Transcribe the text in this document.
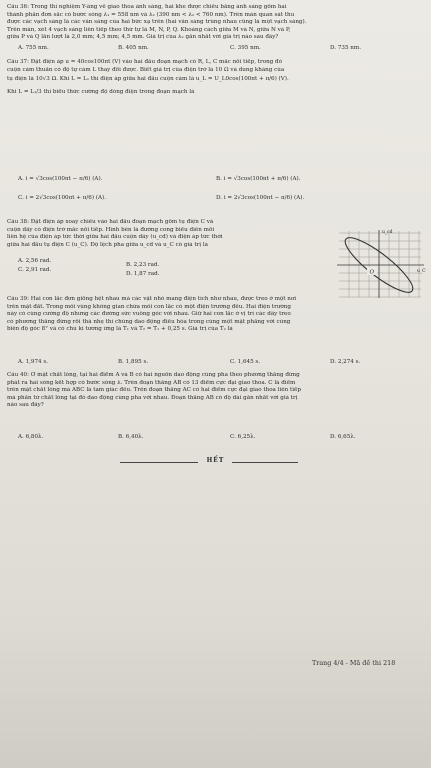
Câu 36: Trong thí nghiệm Y-âng về giao thoa ánh sáng, hai khe được chiếu bằng ánh sáng gồm hai
thành phần đơn sắc có bước sóng λ₁ = 558 nm và λ₂ (390 nm < λ₂ < 760 nm). Trên màn quan sát thu
được các vạch sáng là các vân sáng của hai bức xạ trên (hai vân sáng trùng nhau cũng là một vạch sáng).
Trên màn, xét 4 vạch sáng liên tiếp theo thứ tự là M, N, P, Q. Khoảng cách giữa M và N, giữa N và P,
giữa P và Q lần lượt là 2,0 mm; 4,5 mm; 4,5 mm. Giá trị của λ₂ gần nhất với giá trị nào sau đây?
A. 755 nm.	B. 405 nm.	C. 395 nm.	D. 735 nm.
Câu 37: Đặt điện áp u = 40cos100πt (V) vào hai đầu đoạn mạch có R, L, C mắc nối tiếp, trong đó
cuộn cảm thuần có độ tự cảm L thay đổi được. Biết giá trị của điện trở là 10 Ω và dung kháng của
tụ điện là 10√3 Ω. Khi L = L₁ thì điện áp giữa hai đầu cuộn cảm là u_L = U_L0cos(100πt + π/6) (V).
Khi L = L₁/3 thì biểu thức cường độ dòng điện trong đoạn mạch là
A. i = √3cos(100πt − π/6) (A).	B. i = √3cos(100πt + π/6) (A).
C. i = 2√3cos(100πt + π/6) (A).	D. i = 2√3cos(100πt − π/6) (A).
Câu 38: Đặt điện áp xoay chiều vào hai đầu đoạn mạch gồm tụ điện C và
cuộn dây có điện trở mắc nối tiếp. Hình bên là đường cong biểu diễn mối
liên hệ của điện áp tức thời giữa hai đầu cuộn dây (u_cd) và điện áp tức thời
giữa hai đầu tụ điện C (u_C). Độ lệch pha giữa u_cd và u_C có giá trị là
A. 2,56 rad.
B. 2,23 rad.
C. 2,91 rad.
D. 1,87 rad.
u_cd
u_C
O
Câu 39: Hai con lắc đơn giống hệt nhau mà các vật nhỏ mang điện tích như nhau, được treo ở một nơi
trên mặt đất. Trong mỗi vùng không gian chứa mỗi con lắc có một điện trường đều. Hai điện trường
này có cùng cường độ nhưng các đường sức vuông góc với nhau. Giữ hai con lắc ở vị trí các dây treo
có phương thẳng đứng rồi thả nhẹ thì chúng dao động điều hòa trong cùng một mặt phẳng với cùng
biên độ góc 8° và có chu kì tương ứng là T₁ và T₂ = T₁ + 0,25 s. Giá trị của T₂ là
A. 1,974 s.	B. 1,895 s.	C. 1,645 s.	D. 2,274 s.
Câu 40: Ở mặt chất lỏng, tại hai điểm A và B có hai nguồn dao động cùng pha theo phương thẳng đứng
phát ra hai sóng kết hợp có bước sóng λ. Trên đoạn thẳng AB có 13 điểm cực đại giao thoa. C là điểm
trên mặt chất lỏng mà ABC là tam giác đều. Trên đoạn thẳng AC có hai điểm cực đại giao thoa liên tiếp
mà phần tử chất lỏng tại đó dao động cùng pha với nhau. Đoạn thẳng AB có độ dài gần nhất với giá trị
nào sau đây?
A. 6,80λ.	B. 6,40λ.	C. 6,25λ.	D. 6,65λ.
HẾT
Trang 4/4 - Mã đề thi 218
